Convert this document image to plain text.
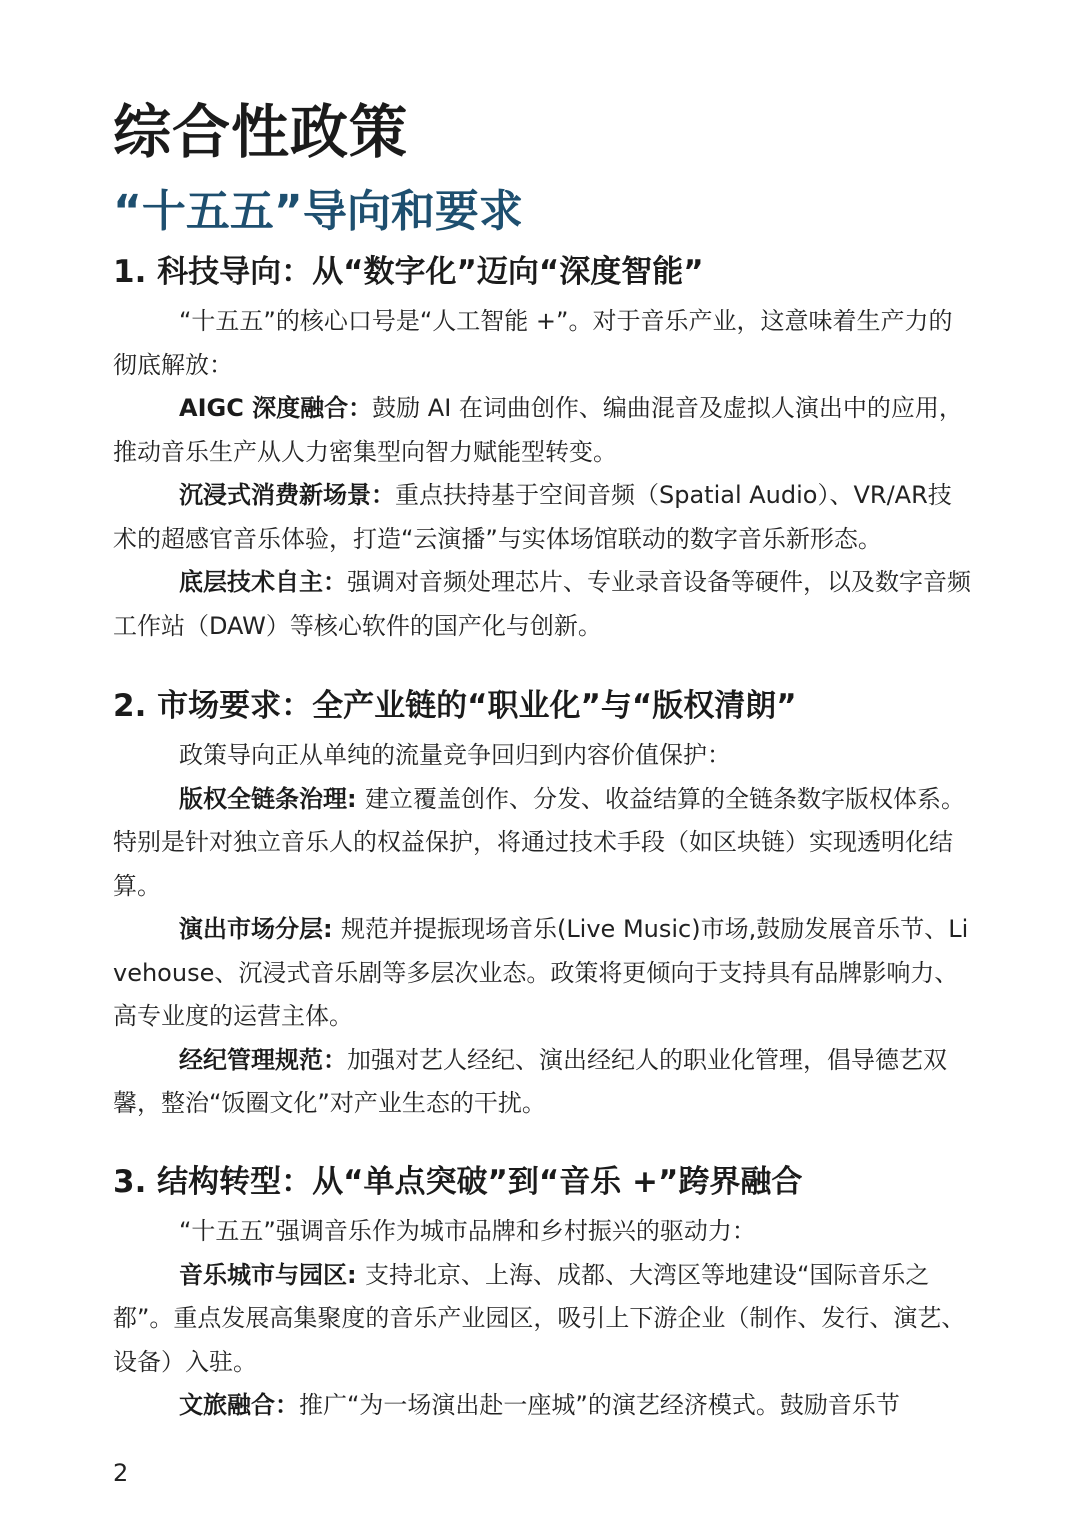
综合性政策
“十五五”导向和要求
1. 科技导向：从“数字化”迈向“深度智能”

“十五五”的核心口号是“人工智能 +”。对于音乐产业，这意味着生产力的彻底解放：

AIGC 深度融合：鼓励 AI 在词曲创作、编曲混音及虚拟人演出中的应用，推动音乐生产从人力密集型向智力赋能型转变。

沉浸式消费新场景：重点扶持基于空间音频（Spatial Audio）、VR/AR技术的超感官音乐体验，打造“云演播”与实体场馆联动的数字音乐新形态。

底层技术自主：强调对音频处理芯片、专业录音设备等硬件，以及数字音频工作站（DAW）等核心软件的国产化与创新。

2. 市场要求：全产业链的“职业化”与“版权清朗”

政策导向正从单纯的流量竞争回归到内容价值保护：

版权全链条治理: 建立覆盖创作、分发、收益结算的全链条数字版权体系。特别是针对独立音乐人的权益保护，将通过技术手段（如区块链）实现透明化结算。

演出市场分层: 规范并提振现场音乐(Live Music)市场,鼓励发展音乐节、Livehouse、沉浸式音乐剧等多层次业态。政策将更倾向于支持具有品牌影响力、高专业度的运营主体。

经纪管理规范：加强对艺人经纪、演出经纪人的职业化管理，倡导德艺双馨，整治“饭圈文化”对产业生态的干扰。

3. 结构转型：从“单点突破”到“音乐 +”跨界融合

“十五五”强调音乐作为城市品牌和乡村振兴的驱动力：

音乐城市与园区: 支持北京、上海、成都、大湾区等地建设“国际音乐之都”。重点发展高集聚度的音乐产业园区，吸引上下游企业（制作、发行、演艺、设备）入驻。

文旅融合：推广“为一场演出赴一座城”的演艺经济模式。鼓励音乐节

2
